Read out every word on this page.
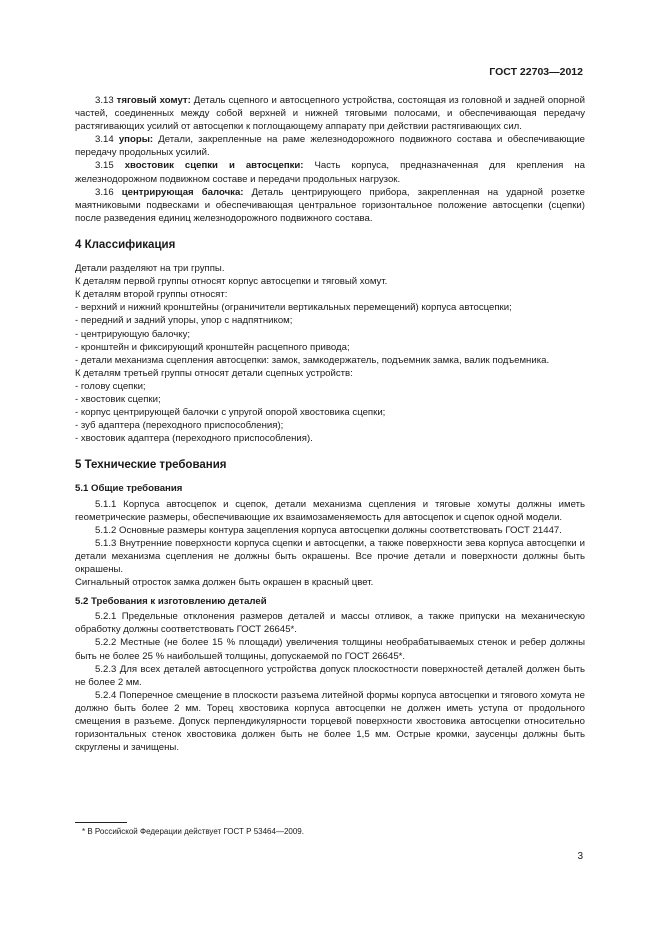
ГОСТ 22703—2012

3.13 тяговый хомут: Деталь сцепного и автосцепного устройства, состоящая из головной и задней опорной частей, соединенных между собой верхней и нижней тяговыми полосами, и обеспечивающая передачу растягивающих усилий от автосцепки к поглощающему аппарату при действии растягивающих сил.

3.14 упоры: Детали, закрепленные на раме железнодорожного подвижного состава и обеспечивающие передачу продольных усилий.

3.15 хвостовик сцепки и автосцепки: Часть корпуса, предназначенная для крепления на железнодорожном подвижном составе и передачи продольных нагрузок.

3.16 центрирующая балочка: Деталь центрирующего прибора, закрепленная на ударной розетке маятниковыми подвесками и обеспечивающая центральное горизонтальное положение автосцепки (сцепки) после разведения единиц железнодорожного подвижного состава.

4 Классификация

Детали разделяют на три группы.

К деталям первой группы относят корпус автосцепки и тяговый хомут.

К деталям второй группы относят:

- верхний и нижний кронштейны (ограничители вертикальных перемещений) корпуса автосцепки;
- передний и задний упоры, упор с надпятником;
- центрирующую балочку;
- кронштейн и фиксирующий кронштейн расцепного привода;
- детали механизма сцепления автосцепки: замок, замкодержатель, подъемник замка, валик подъемника.

К деталям третьей группы относят детали сцепных устройств:

- голову сцепки;
- хвостовик сцепки;
- корпус центрирующей балочки с упругой опорой хвостовика сцепки;
- зуб адаптера (переходного приспособления);
- хвостовик адаптера (переходного приспособления).
5 Технические требования
5.1 Общие требования

5.1.1 Корпуса автосцепок и сцепок, детали механизма сцепления и тяговые хомуты должны иметь геометрические размеры, обеспечивающие их взаимозаменяемость для автосцепок и сцепок одной модели.

5.1.2 Основные размеры контура зацепления корпуса автосцепки должны соответствовать ГОСТ 21447.

5.1.3 Внутренние поверхности корпуса сцепки и автосцепки, а также поверхности зева корпуса автосцепки и детали механизма сцепления не должны быть окрашены. Все прочие детали и поверхности должны быть окрашены.

Сигнальный отросток замка должен быть окрашен в красный цвет.

5.2 Требования к изготовлению деталей

5.2.1 Предельные отклонения размеров деталей и массы отливок, а также припуски на механическую обработку должны соответствовать ГОСТ 26645*.

5.2.2 Местные (не более 15 % площади) увеличения толщины необрабатываемых стенок и ребер должны быть не более 25 % наибольшей толщины, допускаемой по ГОСТ 26645*.

5.2.3 Для всех деталей автосцепного устройства допуск плоскостности поверхностей деталей должен быть не более 2 мм.

5.2.4 Поперечное смещение в плоскости разъема литейной формы корпуса автосцепки и тягового хомута не должно быть более 2 мм. Торец хвостовика корпуса автосцепки не должен иметь уступа от продольного смещения в разъеме. Допуск перпендикулярности торцевой поверхности хвостовика автосцепки относительно горизонтальных стенок хвостовика должен быть не более 1,5 мм. Острые кромки, заусенцы должны быть скруглены и зачищены.

* В Российской Федерации действует ГОСТ Р 53464—2009.
3
